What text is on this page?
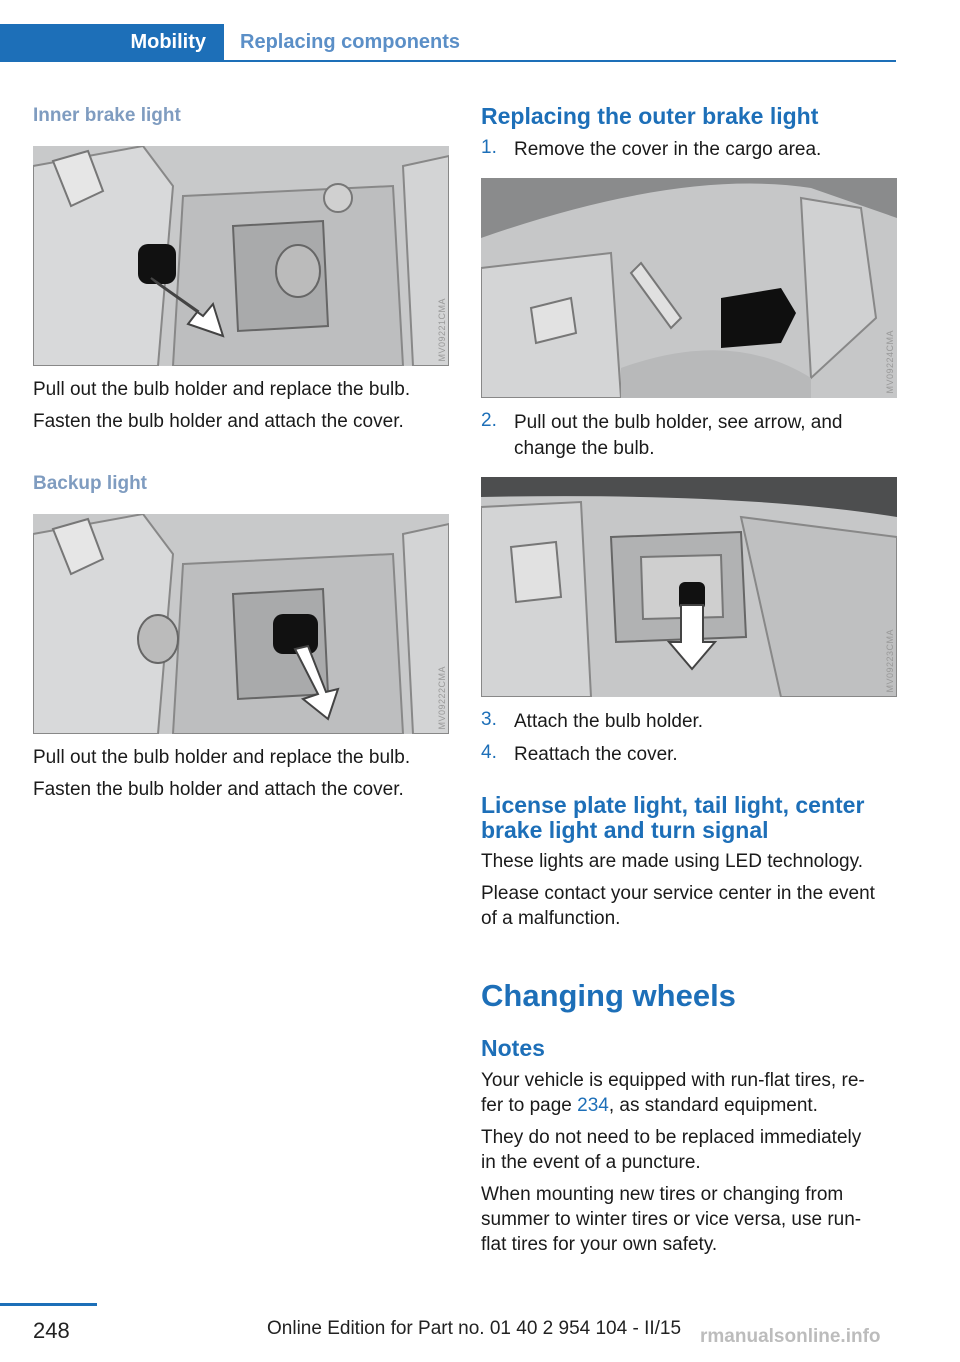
Mobility	Replacing components
Inner brake light
MV09221CMA
Pull out the bulb holder and replace the bulb.
Fasten the bulb holder and attach the cover.
Backup light
MV09222CMA
Pull out the bulb holder and replace the bulb.
Fasten the bulb holder and attach the cover.
Replacing the outer brake light
1. Remove the cover in the cargo area.
MV09224CMA
2. Pull out the bulb holder, see arrow, and
change the bulb.
MV09223CMA
3. Attach the bulb holder.
4. Reattach the cover.
License plate light, tail light, center
brake light and turn signal
These lights are made using LED technology.
Please contact your service center in the event
of a malfunction.
Changing wheels
Notes
Your vehicle is equipped with run-flat tires, re-
fer to page 234, as standard equipment.
They do not need to be replaced immediately
in the event of a puncture.
When mounting new tires or changing from
summer to winter tires or vice versa, use run-
flat tires for your own safety.
248	Online Edition for Part no. 01 40 2 954 104 - II/15 rmanualsonline.info
